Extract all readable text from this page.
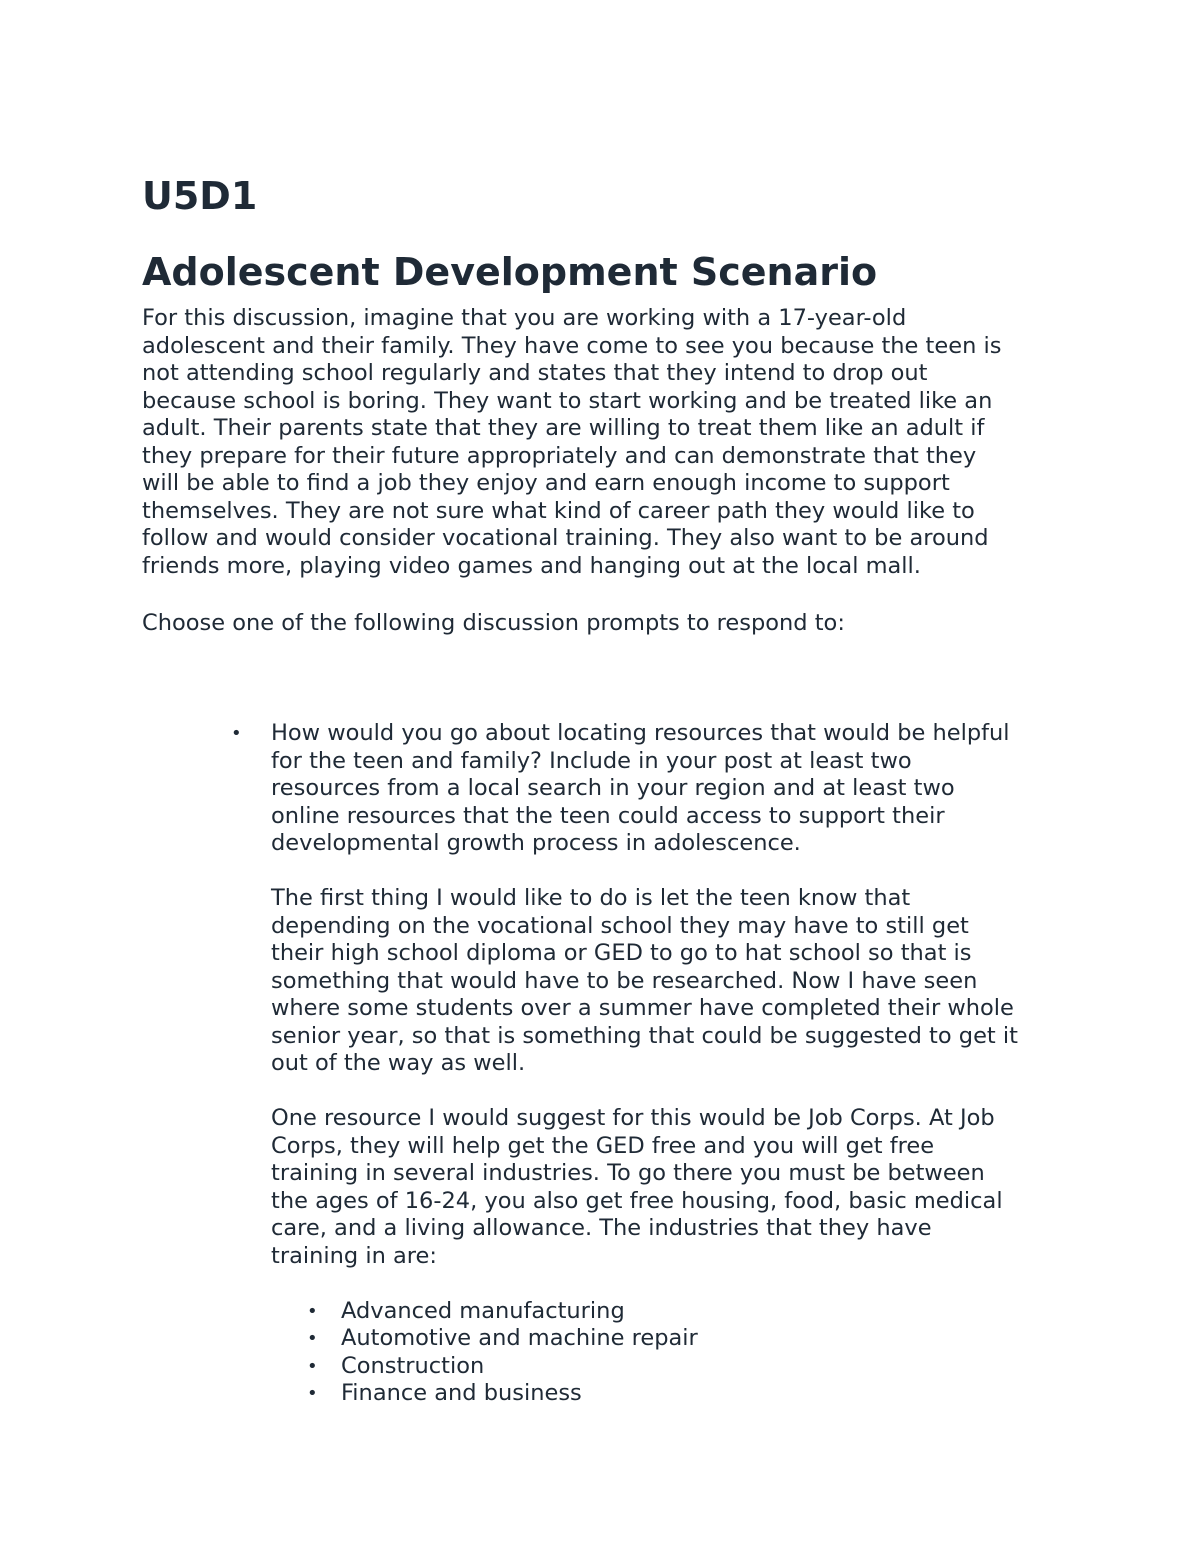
U5D1
Adolescent Development Scenario
For this discussion, imagine that you are working with a 17-year-old
adolescent and their family. They have come to see you because the teen is
not attending school regularly and states that they intend to drop out
because school is boring. They want to start working and be treated like an
adult. Their parents state that they are willing to treat them like an adult if
they prepare for their future appropriately and can demonstrate that they
will be able to find a job they enjoy and earn enough income to support
themselves. They are not sure what kind of career path they would like to
follow and would consider vocational training. They also want to be around
friends more, playing video games and hanging out at the local mall.

Choose one of the following discussion prompts to respond to:

• How would you go about locating resources that would be helpful
for the teen and family? Include in your post at least two
resources from a local search in your region and at least two
online resources that the teen could access to support their
developmental growth process in adolescence.
The first thing I would like to do is let the teen know that
depending on the vocational school they may have to still get
their high school diploma or GED to go to hat school so that is
something that would have to be researched. Now I have seen
where some students over a summer have completed their whole
senior year, so that is something that could be suggested to get it
out of the way as well.
One resource I would suggest for this would be Job Corps. At Job
Corps, they will help get the GED free and you will get free
training in several industries. To go there you must be between
the ages of 16-24, you also get free housing, food, basic medical
care, and a living allowance. The industries that they have
training in are:
• Advanced manufacturing
• Automotive and machine repair
• Construction
• Finance and business
